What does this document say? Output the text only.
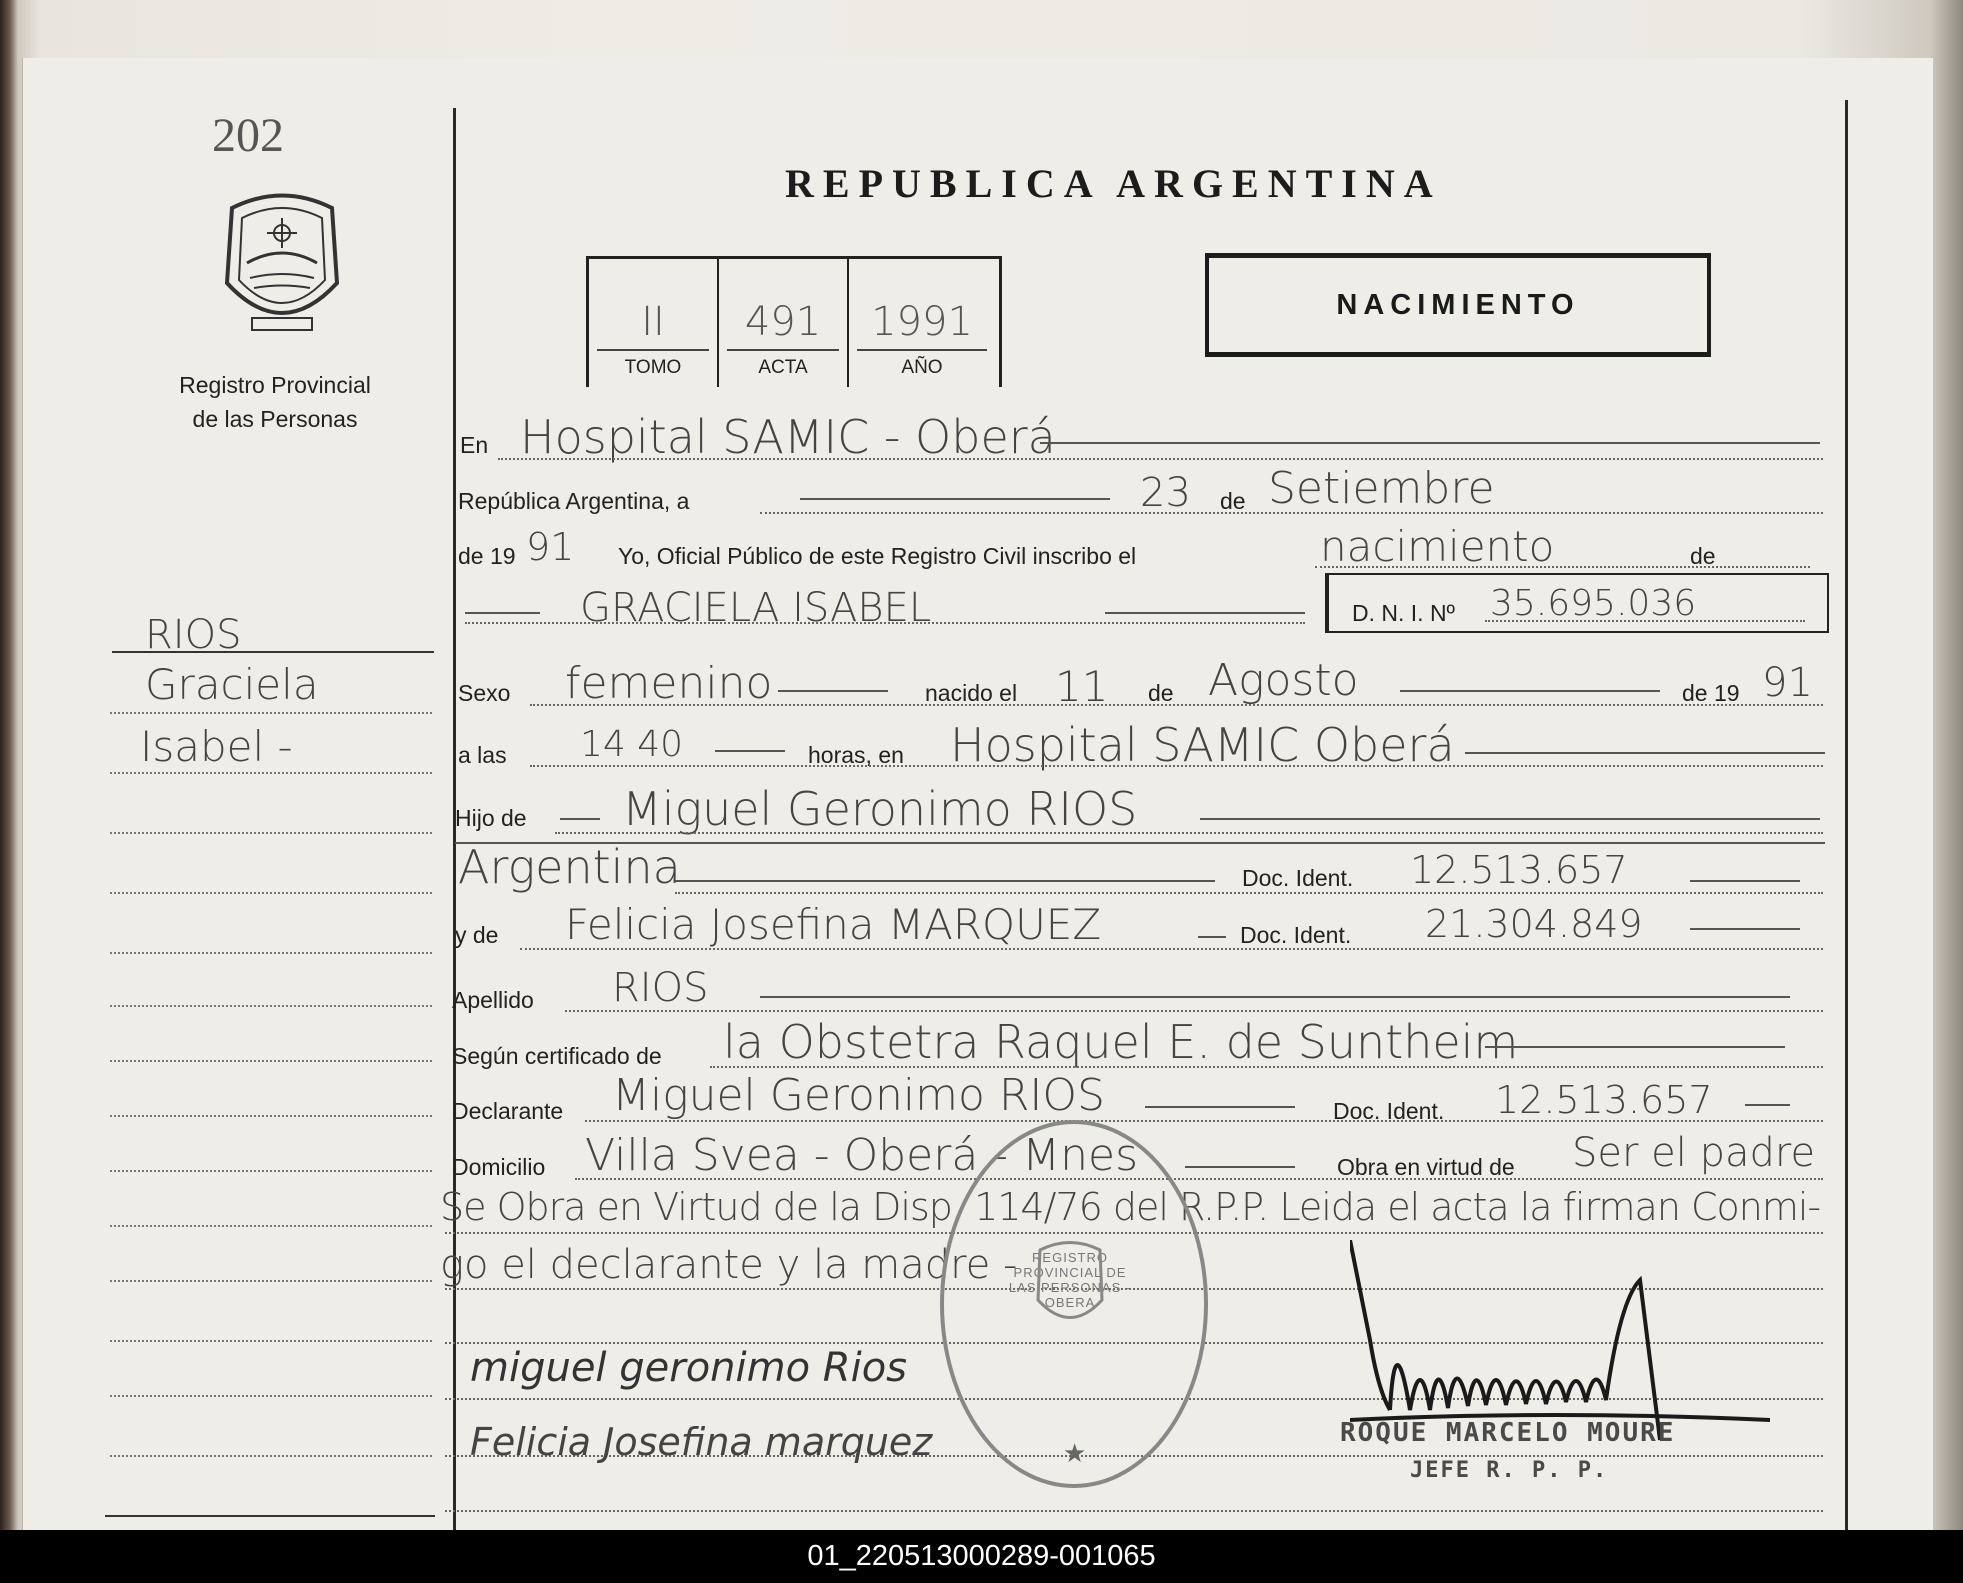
202
Registro Provincial
de las Personas
REPUBLICA ARGENTINA
II
TOMO
491
ACTA
1991
AÑO
NACIMIENTO
RIOS
Graciela
Isabel -
En Hospital SAMIC - Oberá
República Argentina, a	23 de Setiembre
de 19 91 Yo, Oficial Público de este Registro Civil inscribo el	nacimiento	de
GRACIELA ISABEL	D. N. I. Nº 35.695.036
Sexo femenino	nacido el 11 de Agosto	de 19 91
a las 14 40	horas, en Hospital SAMIC Oberá
Hijo de Miguel Geronimo RIOS
Argentina	Doc. Ident. 12.513.657
y de Felicia Josefina MARQUEZ	Doc. Ident. 21.304.849
Apellido RIOS
Según certificado de la Obstetra Raquel E. de Suntheim
Declarante Miguel Geronimo RIOS	Doc. Ident. 12.513.657
Domicilio Villa Svea - Oberá - Mnes	Obra en virtud de Ser el padre
Se Obra en Virtud de la Disp. 114/76 del R.P.P. Leida el acta la firman Conmi-
go el declarante y la madre -	REGISTRO PROVINCIAL DE LAS PERSONAS - OBERA
★
miguel geronimo Rios
Felicia Josefina marquez	ROQUE MARCELO MOURE
JEFE R. P. P.
01_220513000289-001065
